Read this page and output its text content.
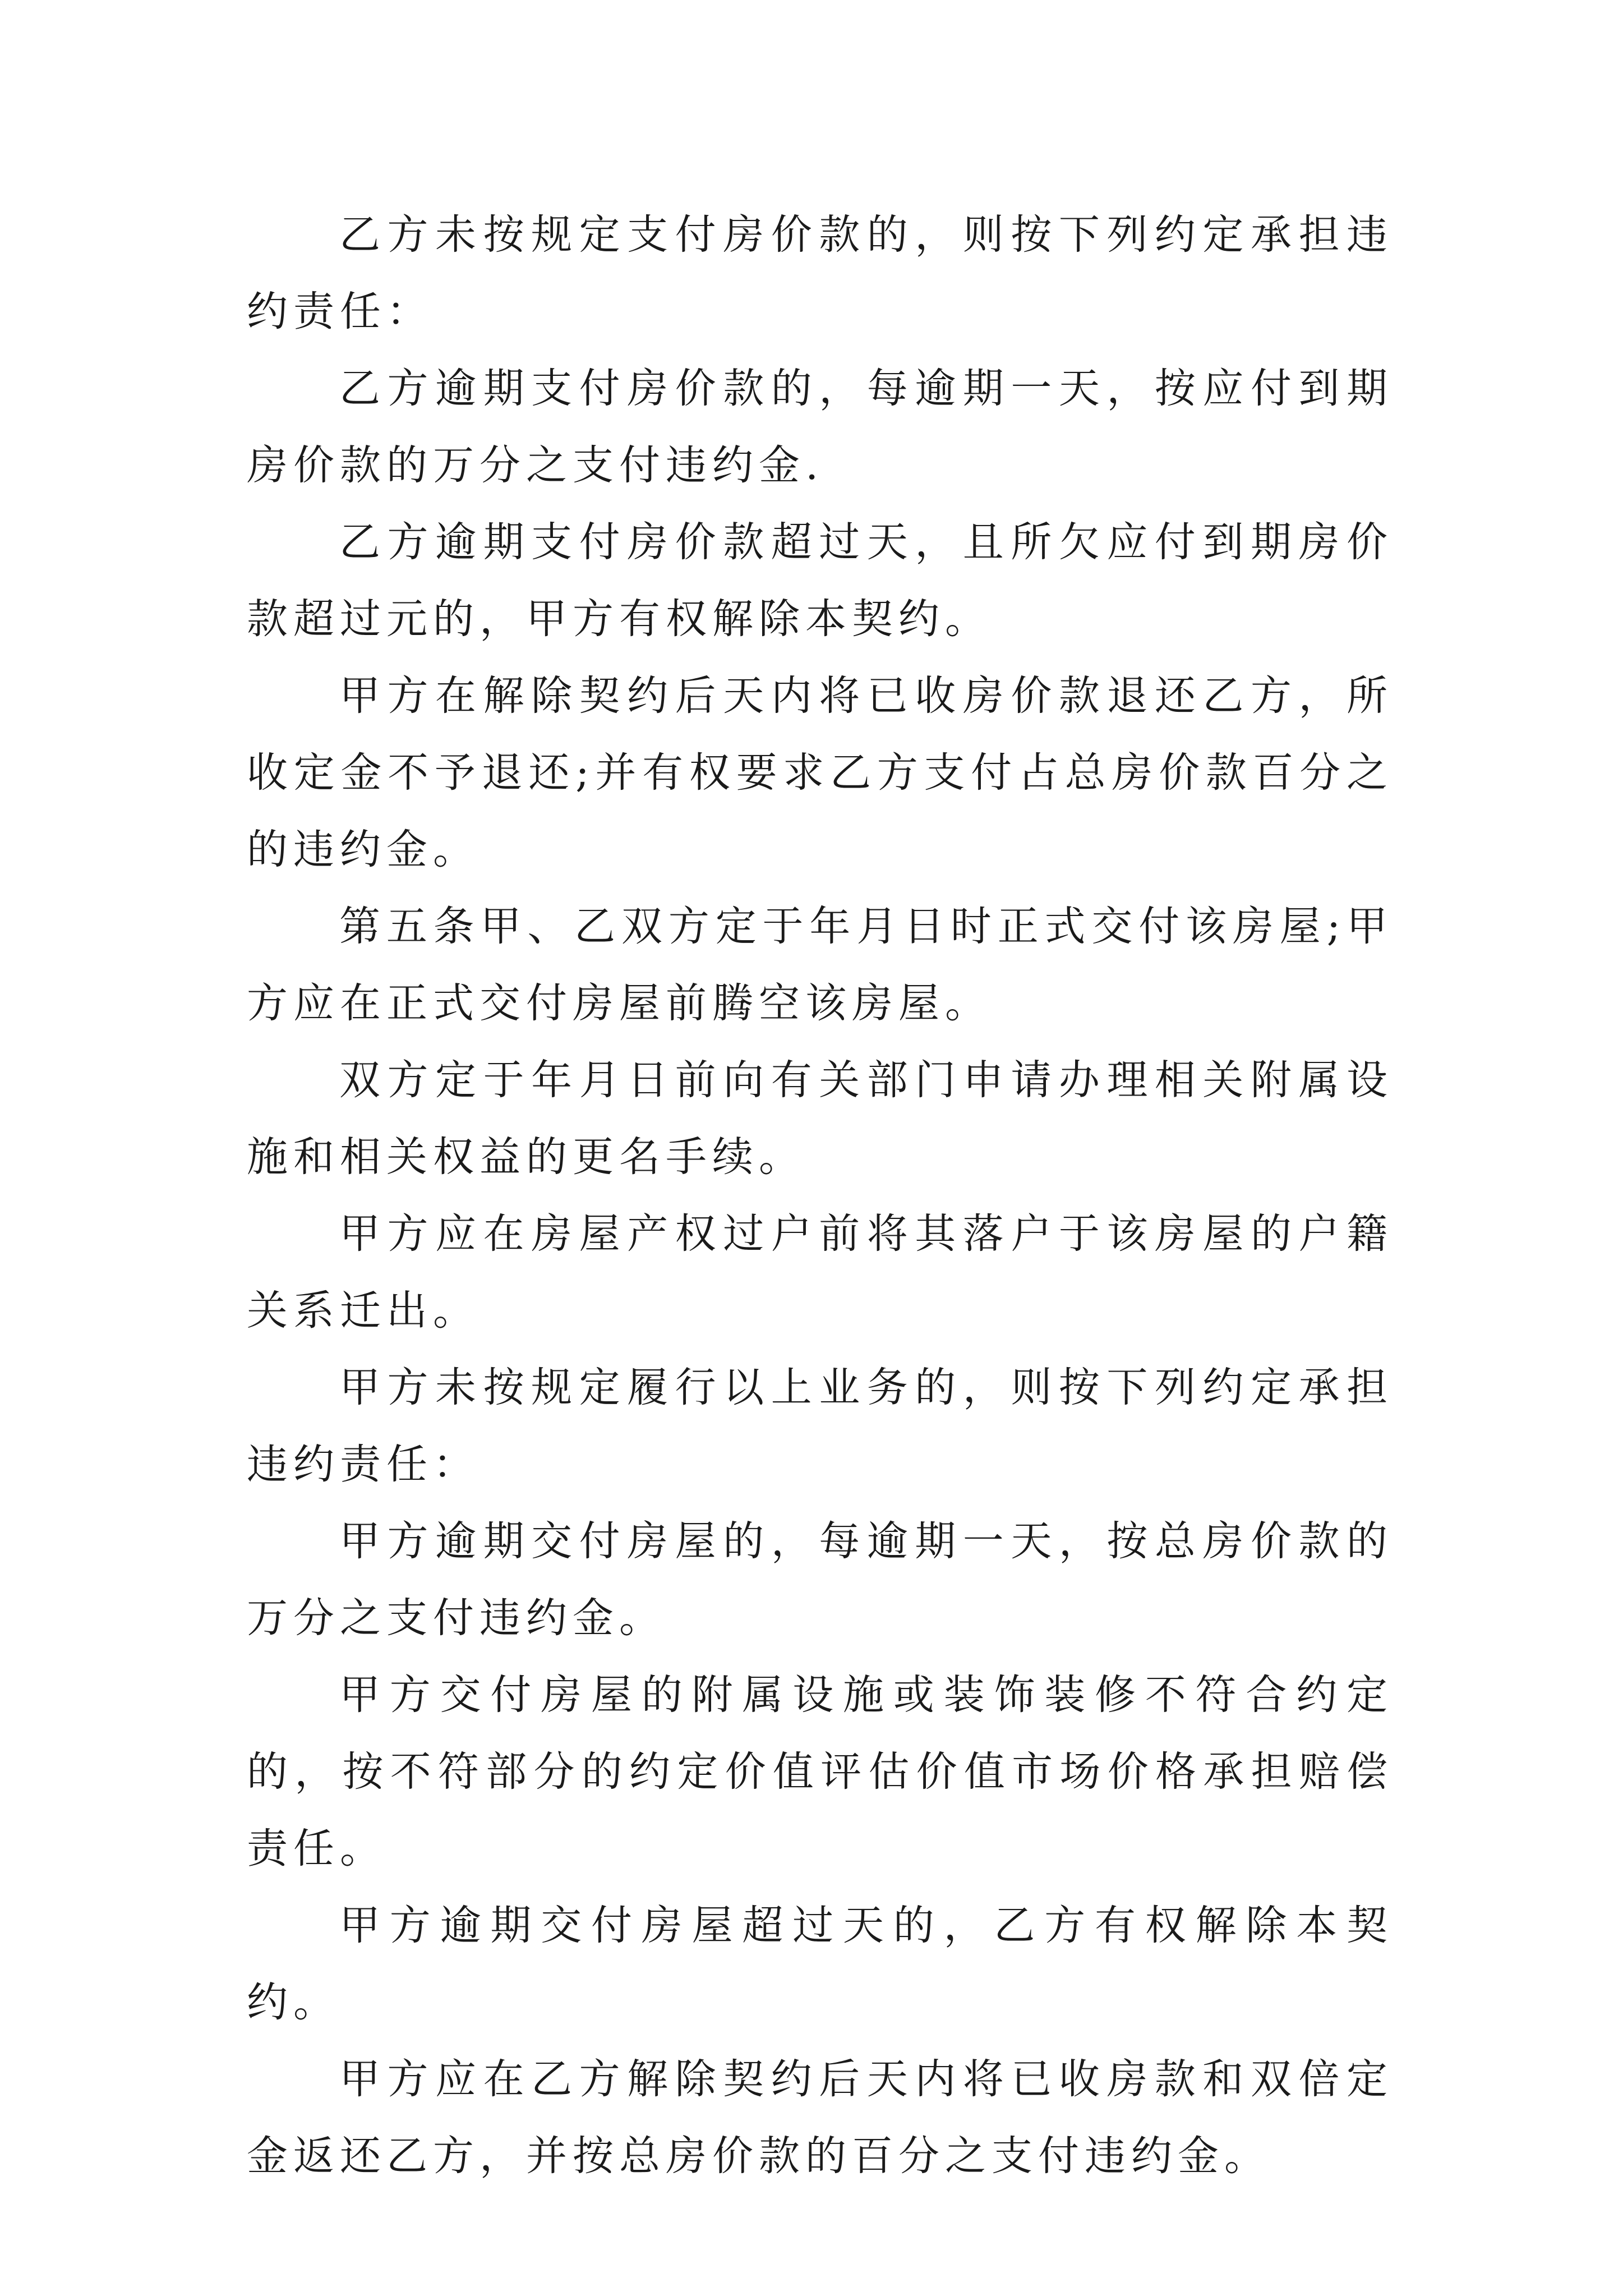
乙方未按规定支付房价款的，则按下列约定承担违约责任：

乙方逾期支付房价款的，每逾期一天，按应付到期房价款的万分之支付违约金.

乙方逾期支付房价款超过天，且所欠应付到期房价款超过元的，甲方有权解除本契约。

甲方在解除契约后天内将已收房价款退还乙方，所收定金不予退还;并有权要求乙方支付占总房价款百分之的违约金。

第五条甲、乙双方定于年月日时正式交付该房屋;甲方应在正式交付房屋前腾空该房屋。

双方定于年月日前向有关部门申请办理相关附属设施和相关权益的更名手续。

甲方应在房屋产权过户前将其落户于该房屋的户籍关系迁出。

甲方未按规定履行以上业务的，则按下列约定承担违约责任：

甲方逾期交付房屋的，每逾期一天，按总房价款的万分之支付违约金。

甲方交付房屋的附属设施或装饰装修不符合约定的，按不符部分的约定价值评估价值市场价格承担赔偿责任。

甲方逾期交付房屋超过天的，乙方有权解除本契约。

甲方应在乙方解除契约后天内将已收房款和双倍定金返还乙方，并按总房价款的百分之支付违约金。
